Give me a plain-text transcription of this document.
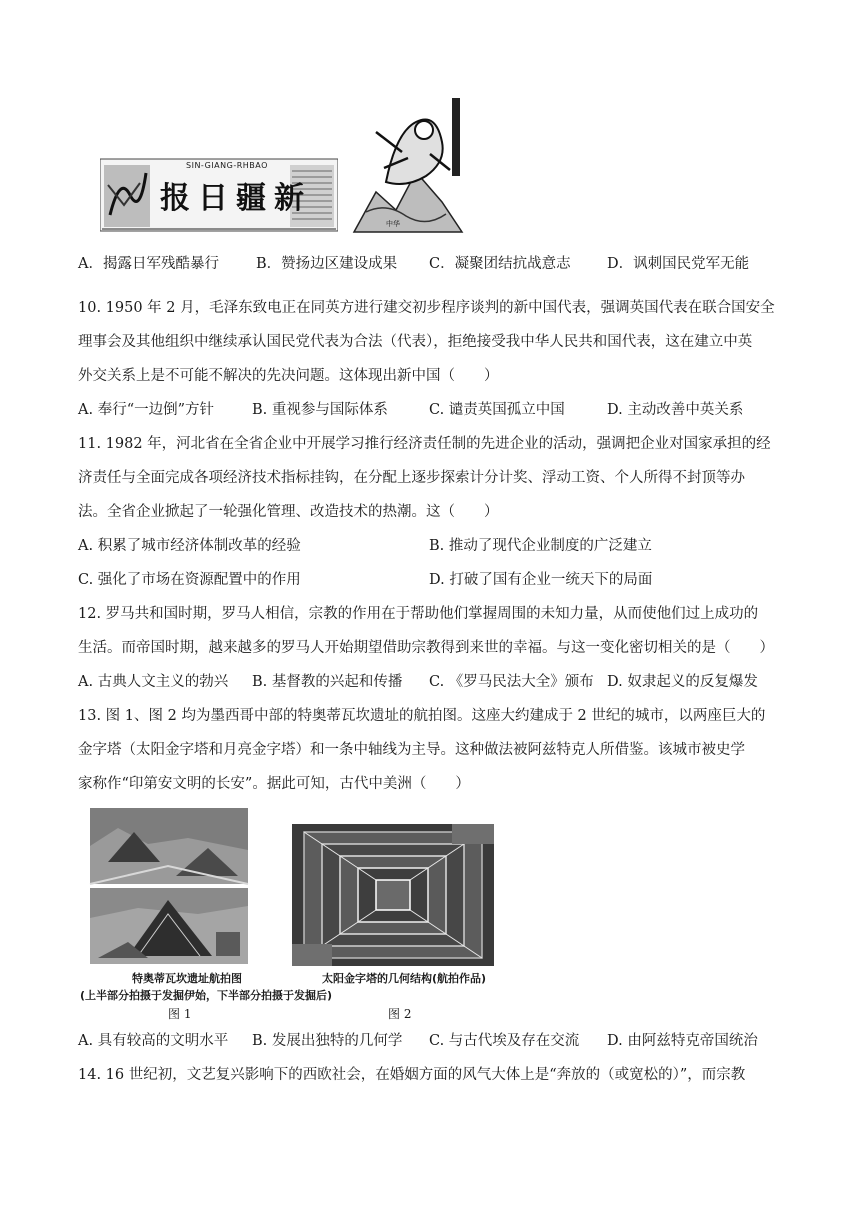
SIN-GIANG-RHBAO
新疆日报
中华
A．揭露日军残酷暴行	B．赞扬边区建设成果 C．凝聚团结抗战意志	D．讽刺国民党军无能
10. 1950 年 2 月，毛泽东致电正在同英方进行建交初步程序谈判的新中国代表，强调英国代表在联合国安全
理事会及其他组织中继续承认国民党代表为合法（代表），拒绝接受我中华人民共和国代表，这在建立中英
外交关系上是不可能不解决的先决问题。这体现出新中国（　　）
A. 奉行“一边倒”方针	B. 重视参与国际体系	C. 谴责英国孤立中国	D. 主动改善中英关系
11. 1982 年，河北省在全省企业中开展学习推行经济责任制的先进企业的活动，强调把企业对国家承担的经
济责任与全面完成各项经济技术指标挂钩，在分配上逐步探索计分计奖、浮动工资、个人所得不封顶等办
法。全省企业掀起了一轮强化管理、改造技术的热潮。这（　　）
A. 积累了城市经济体制改革的经验	B. 推动了现代企业制度的广泛建立
C. 强化了市场在资源配置中的作用	D. 打破了国有企业一统天下的局面
12. 罗马共和国时期，罗马人相信，宗教的作用在于帮助他们掌握周围的未知力量，从而使他们过上成功的
生活。而帝国时期，越来越多的罗马人开始期望借助宗教得到来世的幸福。与这一变化密切相关的是（　　）
A. 古典人文主义的勃兴 B. 基督教的兴起和传播 C. 《罗马民法大全》颁布 D. 奴隶起义的反复爆发
13. 图 1、图 2 均为墨西哥中部的特奥蒂瓦坎遗址的航拍图。这座大约建成于 2 世纪的城市，以两座巨大的
金字塔（太阳金字塔和月亮金字塔）和一条中轴线为主导。这种做法被阿兹特克人所借鉴。该城市被史学
家称作“印第安文明的长安”。据此可知，古代中美洲（　　）
特奥蒂瓦坎遗址航拍图
(上半部分拍摄于发掘伊始，下半部分拍摄于发掘后)
图 1
太阳金字塔的几何结构(航拍作品)
图 2
A. 具有较高的文明水平 B. 发展出独特的几何学 C. 与古代埃及存在交流 D. 由阿兹特克帝国统治
14. 16 世纪初，文艺复兴影响下的西欧社会，在婚姻方面的风气大体上是“奔放的（或宽松的）”，而宗教
